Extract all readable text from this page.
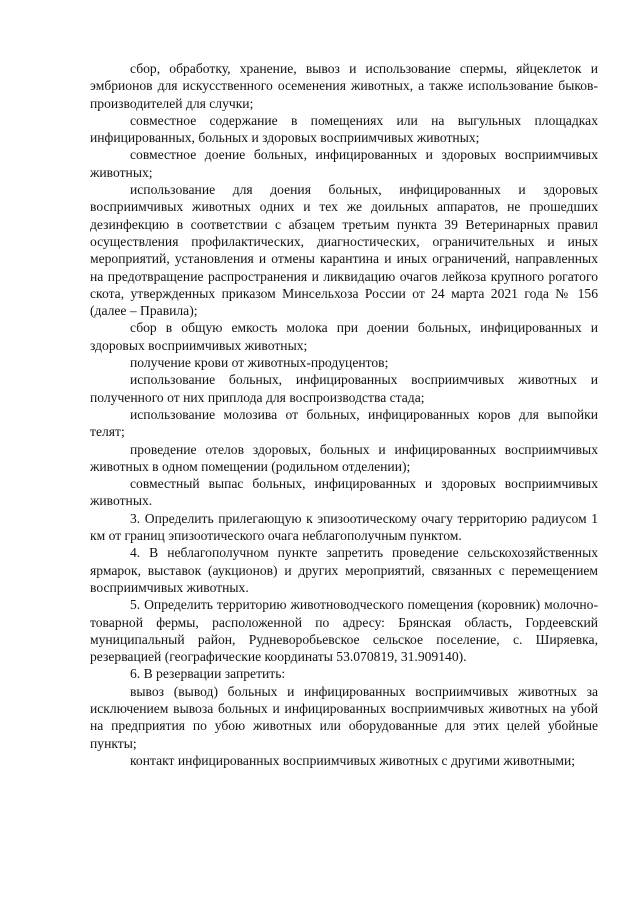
сбор, обработку, хранение, вывоз и использование спермы, яйцеклеток и эмбрионов для искусственного осеменения животных, а также использование быков-производителей для случки;

совместное содержание в помещениях или на выгульных площадках инфицированных, больных и здоровых восприимчивых животных;

совместное доение больных, инфицированных и здоровых восприимчивых животных;

использование для доения больных, инфицированных и здоровых восприимчивых животных одних и тех же доильных аппаратов, не прошедших дезинфекцию в соответствии с абзацем третьим пункта 39 Ветеринарных правил осуществления профилактических, диагностических, ограничительных и иных мероприятий, установления и отмены карантина и иных ограничений, направленных на предотвращение распространения и ликвидацию очагов лейкоза крупного рогатого скота, утвержденных приказом Минсельхоза России от 24 марта 2021 года № 156 (далее – Правила);

сбор в общую емкость молока при доении больных, инфицированных и здоровых восприимчивых животных;

получение крови от животных-продуцентов;

использование больных, инфицированных восприимчивых животных и полученного от них приплода для воспроизводства стада;

использование молозива от больных, инфицированных коров для выпойки телят;

проведение отелов здоровых, больных и инфицированных восприимчивых животных в одном помещении (родильном отделении);

совместный выпас больных, инфицированных и здоровых восприимчивых животных.

3. Определить прилегающую к эпизоотическому очагу территорию радиусом 1 км от границ эпизоотического очага неблагополучным пунктом.

4. В неблагополучном пункте запретить проведение сельскохозяйственных ярмарок, выставок (аукционов) и других мероприятий, связанных с перемещением восприимчивых животных.

5. Определить территорию животноводческого помещения (коровник) молочно-товарной фермы, расположенной по адресу: Брянская область, Гордеевский муниципальный район, Рудневоробьевское сельское поселение, с. Ширяевка, резервацией (географические координаты 53.070819, 31.909140).

6. В резервации запретить:

вывоз (вывод) больных и инфицированных восприимчивых животных за исключением вывоза больных и инфицированных восприимчивых животных на убой на предприятия по убою животных или оборудованные для этих целей убойные пункты;

контакт инфицированных восприимчивых животных с другими животными;
